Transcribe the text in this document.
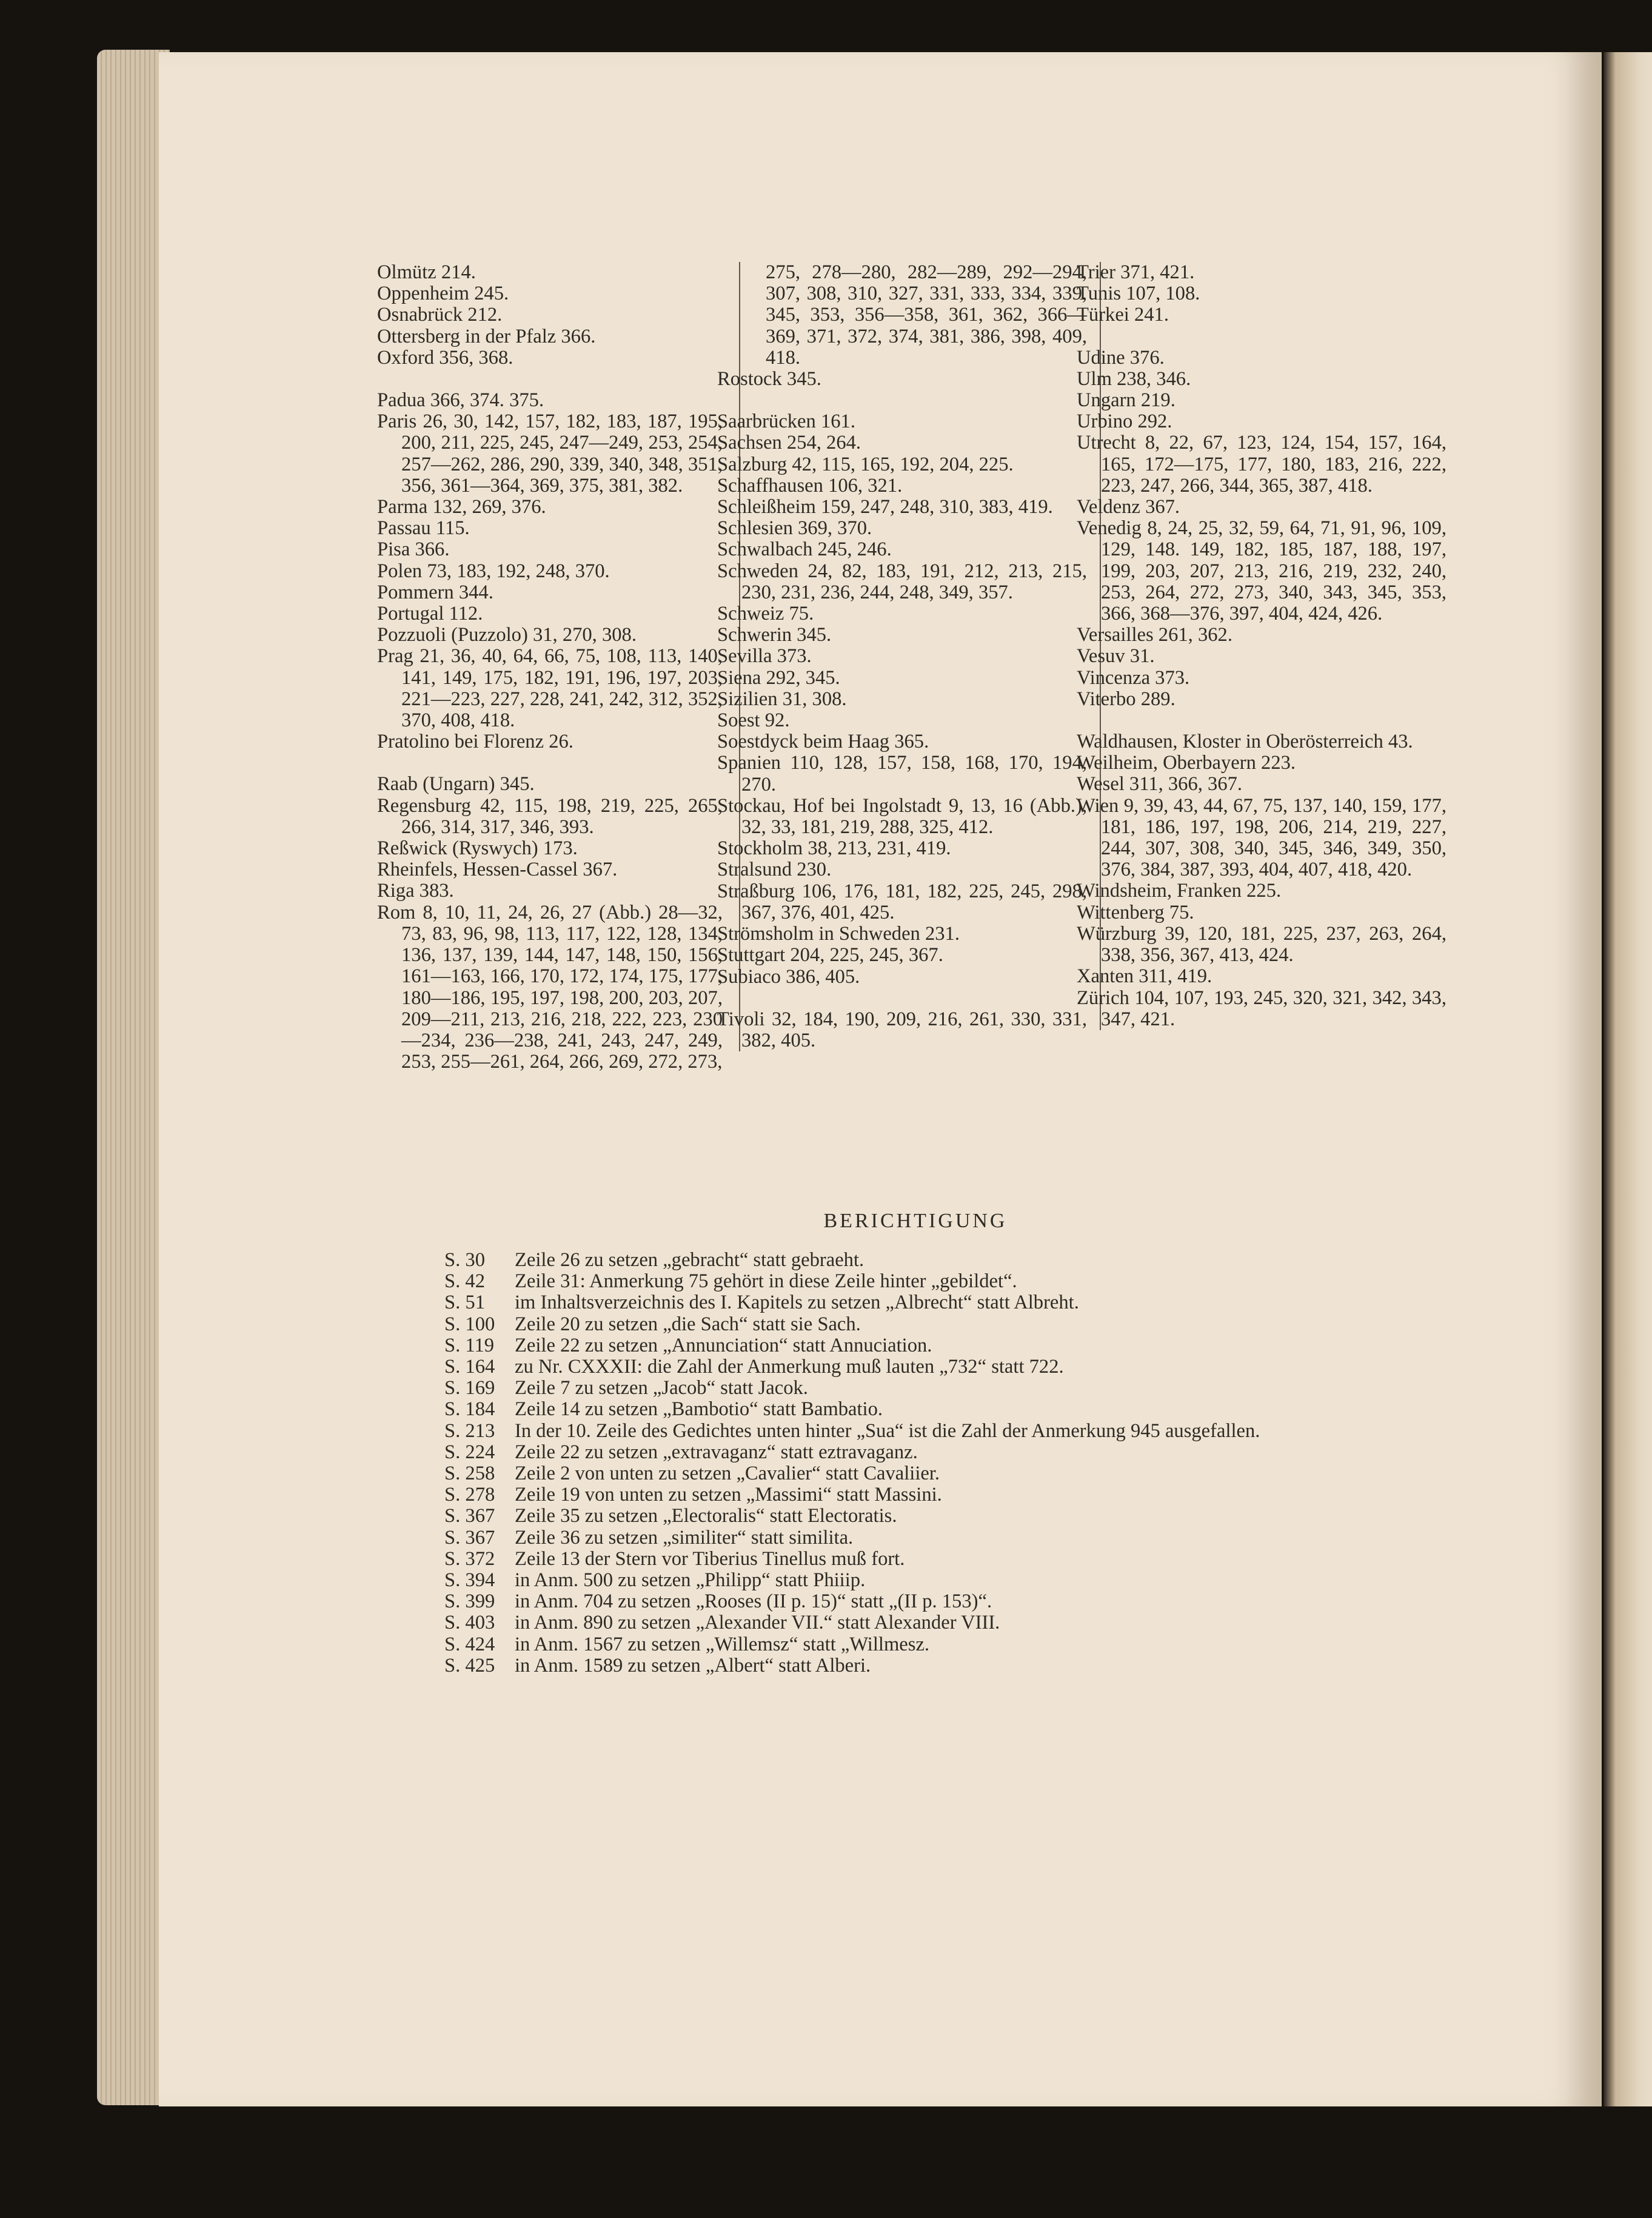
Olmütz 214.
Oppenheim 245.
Osnabrück 212.
Ottersberg in der Pfalz 366.
Oxford 356, 368.
Padua 366, 374. 375.
Paris 26, 30, 142, 157, 182, 183, 187, 195, 200, 211, 225, 245, 247—249, 253, 254, 257—262, 286, 290, 339, 340, 348, 351, 356, 361—364, 369, 375, 381, 382.
Parma 132, 269, 376.
Passau 115.
Pisa 366.
Polen 73, 183, 192, 248, 370.
Pommern 344.
Portugal 112.
Pozzuoli (Puzzolo) 31, 270, 308.
Prag 21, 36, 40, 64, 66, 75, 108, 113, 140, 141, 149, 175, 182, 191, 196, 197, 203, 221—223, 227, 228, 241, 242, 312, 352, 370, 408, 418.
Pratolino bei Florenz 26.
Raab (Ungarn) 345.
Regensburg 42, 115, 198, 219, 225, 265, 266, 314, 317, 346, 393.
Reßwick (Ryswych) 173.
Rheinfels, Hessen-Cassel 367.
Riga 383.
Rom 8, 10, 11, 24, 26, 27 (Abb.) 28—32, 73, 83, 96, 98, 113, 117, 122, 128, 134, 136, 137, 139, 144, 147, 148, 150, 156, 161—163, 166, 170, 172, 174, 175, 177, 180—186, 195, 197, 198, 200, 203, 207, 209—211, 213, 216, 218, 222, 223, 230—234, 236—238, 241, 243, 247, 249, 253, 255—261, 264, 266, 269, 272, 273,
275, 278—280, 282—289, 292—294, 307, 308, 310, 327, 331, 333, 334, 339, 345, 353, 356—358, 361, 362, 366—369, 371, 372, 374, 381, 386, 398, 409, 418.
Rostock 345.
Saarbrücken 161.
Sachsen 254, 264.
Salzburg 42, 115, 165, 192, 204, 225.
Schaffhausen 106, 321.
Schleißheim 159, 247, 248, 310, 383, 419.
Schlesien 369, 370.
Schwalbach 245, 246.
Schweden 24, 82, 183, 191, 212, 213, 215, 230, 231, 236, 244, 248, 349, 357.
Schweiz 75.
Schwerin 345.
Sevilla 373.
Siena 292, 345.
Sizilien 31, 308.
Soest 92.
Soestdyck beim Haag 365.
Spanien 110, 128, 157, 158, 168, 170, 194, 270.
Stockau, Hof bei Ingolstadt 9, 13, 16 (Abb.), 32, 33, 181, 219, 288, 325, 412.
Stockholm 38, 213, 231, 419.
Stralsund 230.
Straßburg 106, 176, 181, 182, 225, 245, 298, 367, 376, 401, 425.
Strömsholm in Schweden 231.
Stuttgart 204, 225, 245, 367.
Subiaco 386, 405.
Tivoli 32, 184, 190, 209, 216, 261, 330, 331, 382, 405.
Trier 371, 421.
Tunis 107, 108.
Türkei 241.
Udine 376.
Ulm 238, 346.
Ungarn 219.
Urbino 292.
Utrecht 8, 22, 67, 123, 124, 154, 157, 164, 165, 172—175, 177, 180, 183, 216, 222, 223, 247, 266, 344, 365, 387, 418.
Veldenz 367.
Venedig 8, 24, 25, 32, 59, 64, 71, 91, 96, 109, 129, 148. 149, 182, 185, 187, 188, 197, 199, 203, 207, 213, 216, 219, 232, 240, 253, 264, 272, 273, 340, 343, 345, 353, 366, 368—376, 397, 404, 424, 426.
Versailles 261, 362.
Vesuv 31.
Vincenza 373.
Viterbo 289.
Waldhausen, Kloster in Oberösterreich 43.
Weilheim, Oberbayern 223.
Wesel 311, 366, 367.
Wien 9, 39, 43, 44, 67, 75, 137, 140, 159, 177, 181, 186, 197, 198, 206, 214, 219, 227, 244, 307, 308, 340, 345, 346, 349, 350, 376, 384, 387, 393, 404, 407, 418, 420.
Windsheim, Franken 225.
Wittenberg 75.
Würzburg 39, 120, 181, 225, 237, 263, 264, 338, 356, 367, 413, 424.
Xanten 311, 419.
Zürich 104, 107, 193, 245, 320, 321, 342, 343, 347, 421.
BERICHTIGUNG
S. 30	Zeile 26 zu setzen „gebracht“ statt gebraeht.
S. 42	Zeile 31: Anmerkung 75 gehört in diese Zeile hinter „gebildet“.
S. 51	im Inhaltsverzeichnis des I. Kapitels zu setzen „Albrecht“ statt Albreht.
S. 100	Zeile 20 zu setzen „die Sach“ statt sie Sach.
S. 119	Zeile 22 zu setzen „Annunciation“ statt Annuciation.
S. 164	zu Nr. CXXXII: die Zahl der Anmerkung muß lauten „732“ statt 722.
S. 169	Zeile 7 zu setzen „Jacob“ statt Jacok.
S. 184	Zeile 14 zu setzen „Bambotio“ statt Bambatio.
S. 213	In der 10. Zeile des Gedichtes unten hinter „Sua“ ist die Zahl der Anmerkung 945 ausgefallen.
S. 224	Zeile 22 zu setzen „extravaganz“ statt eztravaganz.
S. 258	Zeile 2 von unten zu setzen „Cavalier“ statt Cavaliier.
S. 278	Zeile 19 von unten zu setzen „Massimi“ statt Massini.
S. 367	Zeile 35 zu setzen „Electoralis“ statt Electoratis.
S. 367	Zeile 36 zu setzen „similiter“ statt similita.
S. 372	Zeile 13 der Stern vor Tiberius Tinellus muß fort.
S. 394	in Anm. 500 zu setzen „Philipp“ statt Phiiip.
S. 399	in Anm. 704 zu setzen „Rooses (II p. 15)“ statt „(II p. 153)“.
S. 403	in Anm. 890 zu setzen „Alexander VII.“ statt Alexander VIII.
S. 424	in Anm. 1567 zu setzen „Willemsz“ statt „Willmesz.
S. 425	in Anm. 1589 zu setzen „Albert“ statt Alberi.
